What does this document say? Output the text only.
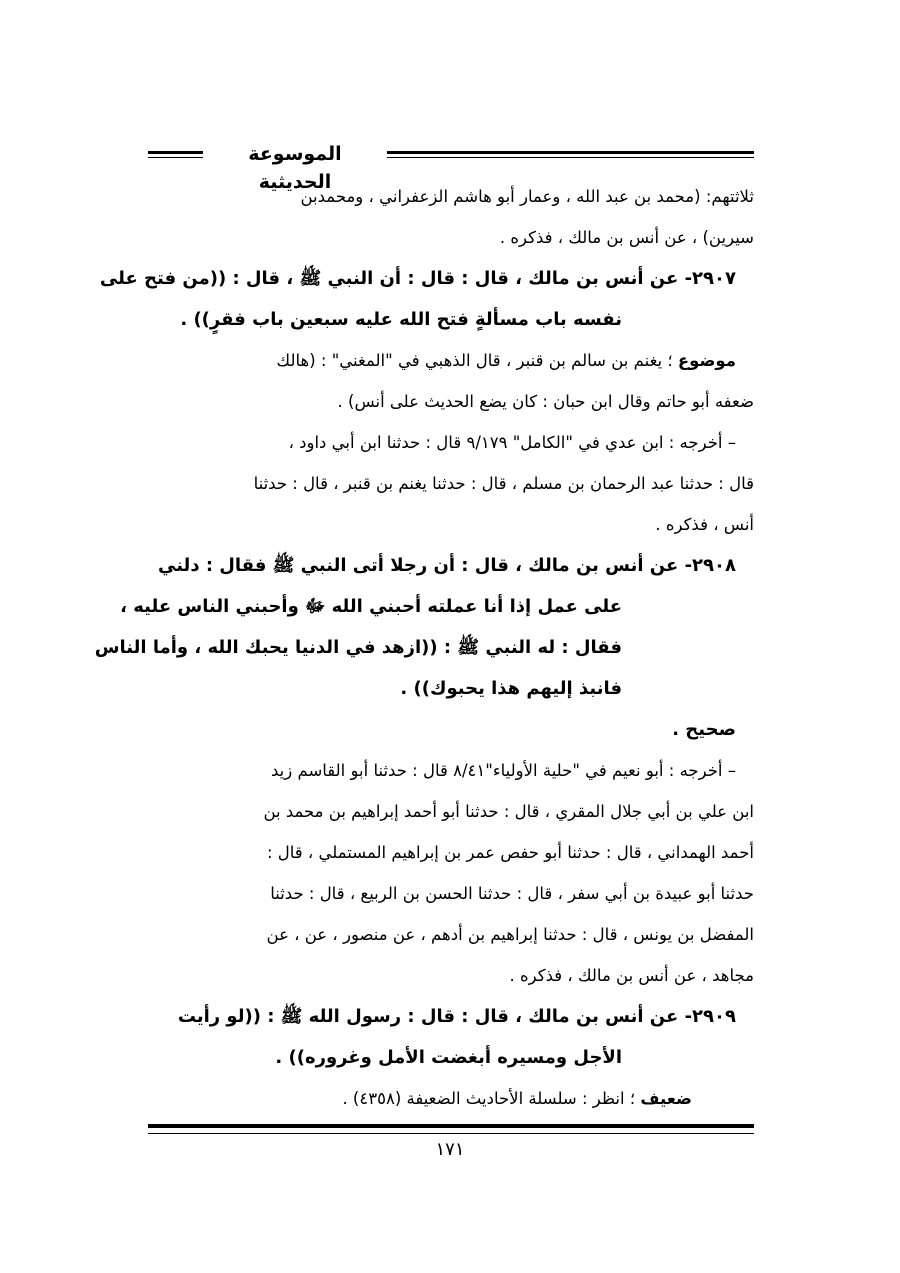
الموسوعة الحديثية
ثلاثتهم: (محمد بن عبد الله ، وعمار أبو هاشم الزعفراني ، ومحمدبن
سيرين) ، عن أنس بن مالك ، فذكره .
٢٩٠٧- عن أنس بن مالك ، قال : قال : أن النبي ﷺ ، قال : ((من فتح على
نفسه باب مسألةٍ فتح الله عليه سبعين باب فقرٍ)) .
موضوع ؛ يغنم بن سالم بن قنبر ، قال الذهبي في "المغني" : (هالك
ضعفه أبو حاتم وقال ابن حبان : كان يضع الحديث على أنس) .
– أخرجه : ابن عدي في "الكامل" ٩/١٧٩ قال : حدثنا ابن أبي داود ،
قال : حدثنا عبد الرحمان بن مسلم ، قال : حدثنا يغنم بن قنبر ، قال : حدثنا
أنس ، فذكره .
٢٩٠٨- عن أنس بن مالك ، قال : أن رجلا أتى النبي ﷺ فقال : دلني
على عمل إذا أنا عملته أحبني الله ﷻ وأحبني الناس عليه ،
فقال : له النبي ﷺ : ((ازهد في الدنيا يحبك الله ، وأما الناس
فانبذ إليهم هذا يحبوك)) .
صحيح .
– أخرجه : أبو نعيم في "حلية الأولياء"٨/٤١ قال : حدثنا أبو القاسم زيد
ابن علي بن أبي جلال المقري ، قال : حدثنا أبو أحمد إبراهيم بن محمد بن
أحمد الهمداني ، قال : حدثنا أبو حفص عمر بن إبراهيم المستملي ، قال :
حدثنا أبو عبيدة بن أبي سفر ، قال : حدثنا الحسن بن الربيع ، قال : حدثنا
المفضل بن يونس ، قال : حدثنا إبراهيم بن أدهم ، عن منصور ، عن ، عن
مجاهد ، عن أنس بن مالك ، فذكره .
٢٩٠٩- عن أنس بن مالك ، قال : قال : رسول الله ﷺ : ((لو رأيت
الأجل ومسيره أبغضت الأمل وغروره)) .
ضعيف ؛ انظر : سلسلة الأحاديث الضعيفة (٤٣٥٨) .
١٧١
